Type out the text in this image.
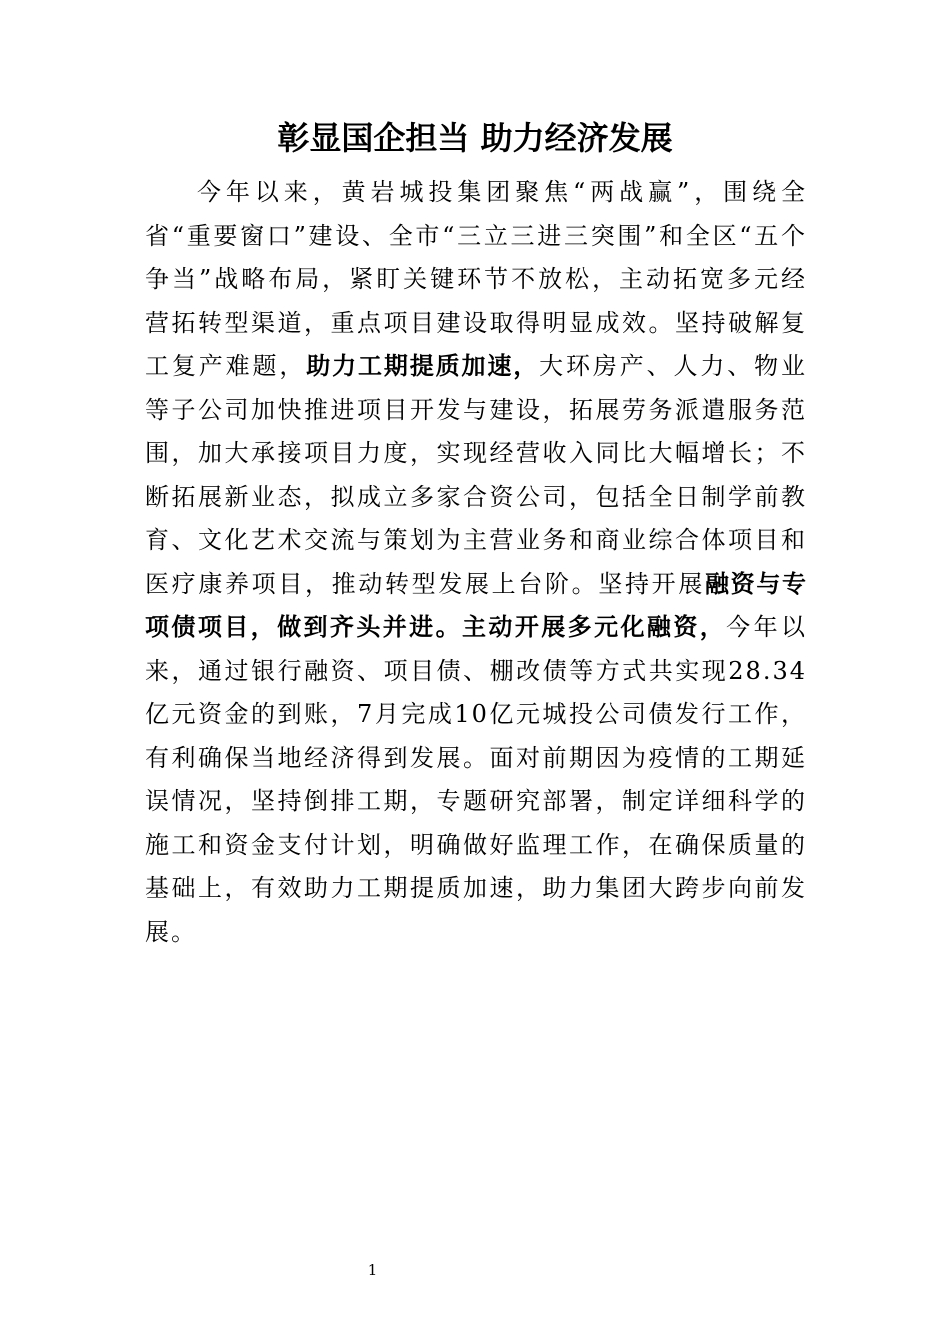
彰显国企担当 助力经济发展

今年以来，黄岩城投集团聚焦“两战赢”，围绕全省“重要窗口”建设、全市“三立三进三突围”和全区“五个争当”战略布局，紧盯关键环节不放松，主动拓宽多元经营拓转型渠道，重点项目建设取得明显成效。坚持破解复工复产难题，助力工期提质加速，大环房产、人力、物业等子公司加快推进项目开发与建设，拓展劳务派遣服务范围，加大承接项目力度，实现经营收入同比大幅增长；不断拓展新业态，拟成立多家合资公司，包括全日制学前教育、文化艺术交流与策划为主营业务和商业综合体项目和医疗康养项目，推动转型发展上台阶。坚持开展融资与专项债项目，做到齐头并进。主动开展多元化融资，今年以来，通过银行融资、项目债、棚改债等方式共实现28.34亿元资金的到账，7月完成10亿元城投公司债发行工作，有利确保当地经济得到发展。面对前期因为疫情的工期延误情况，坚持倒排工期，专题研究部署，制定详细科学的施工和资金支付计划，明确做好监理工作，在确保质量的基础上，有效助力工期提质加速，助力集团大跨步向前发展。

1
